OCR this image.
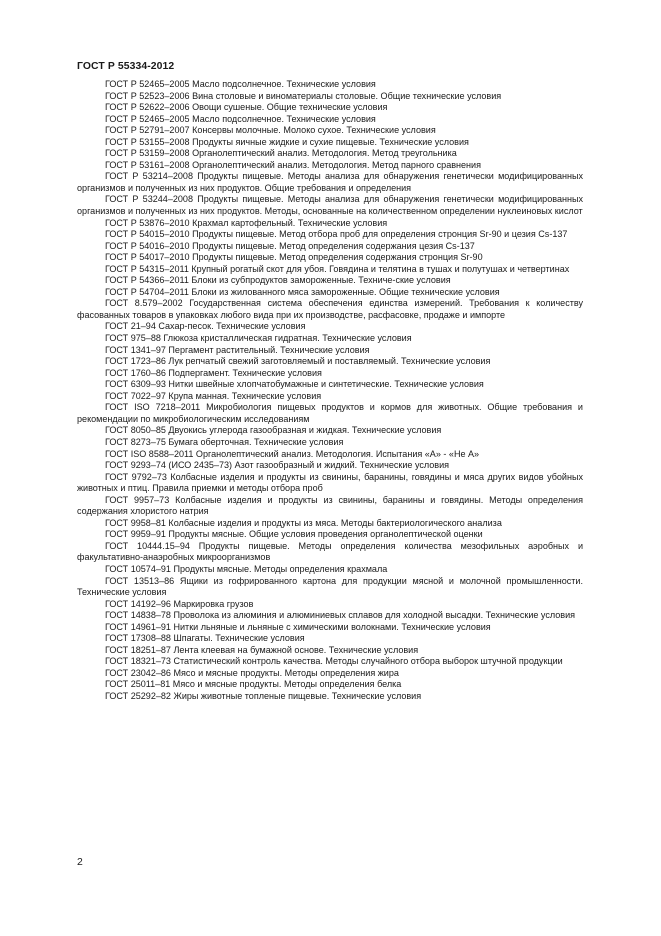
ГОСТ Р 55334-2012

ГОСТ Р 52465–2005 Масло подсолнечное. Технические условия

ГОСТ Р 52523–2006 Вина столовые и виноматериалы столовые. Общие технические условия

ГОСТ Р 52622–2006 Овощи сушеные. Общие технические условия

ГОСТ Р 52465–2005 Масло подсолнечное. Технические условия

ГОСТ Р 52791–2007 Консервы молочные. Молоко сухое. Технические условия

ГОСТ Р 53155–2008 Продукты яичные жидкие и сухие пищевые. Технические условия

ГОСТ Р 53159–2008 Органолептический анализ. Методология. Метод треугольника

ГОСТ Р 53161–2008 Органолептический анализ. Методология. Метод парного сравнения

ГОСТ Р 53214–2008 Продукты пищевые. Методы анализа для обнаружения генетически модифицированных организмов и полученных из них продуктов. Общие требования и определения

ГОСТ Р 53244–2008 Продукты пищевые. Методы анализа для обнаружения генетически модифицированных организмов и полученных из них продуктов. Методы, основанные на количественном определении нуклеиновых кислот

ГОСТ Р 53876–2010 Крахмал картофельный. Технические условия

ГОСТ Р 54015–2010 Продукты пищевые. Метод отбора проб для определения стронция Sr-90 и цезия Cs-137

ГОСТ Р 54016–2010 Продукты пищевые. Метод определения содержания цезия Cs-137

ГОСТ Р 54017–2010 Продукты пищевые. Метод определения содержания стронция Sr-90

ГОСТ Р 54315–2011 Крупный рогатый скот для убоя. Говядина и телятина в тушах и полутушах и четвертинах

ГОСТ Р 54366–2011 Блоки из субпродуктов замороженные. Техниче-ские условия

ГОСТ Р 54704–2011 Блоки из жилованного мяса замороженные. Общие технические условия

ГОСТ 8.579–2002 Государственная система обеспечения единства измерений. Требования к количеству фасованных товаров в упаковках любого вида при их производстве, расфасовке, продаже и импорте

ГОСТ 21–94 Сахар-песок. Технические условия

ГОСТ 975–88 Глюкоза кристаллическая гидратная. Технические условия

ГОСТ 1341–97 Пергамент растительный. Технические условия

ГОСТ 1723–86 Лук репчатый свежий заготовляемый и поставляемый. Технические условия

ГОСТ 1760–86 Подпергамент. Технические условия

ГОСТ 6309–93 Нитки швейные хлопчатобумажные и синтетические. Технические условия

ГОСТ 7022–97 Крупа манная. Технические условия

ГОСТ ISO 7218–2011 Микробиология пищевых продуктов и кормов для животных. Общие требования и рекомендации по микробиологическим исследованиям

ГОСТ 8050–85 Двуокись углерода газообразная и жидкая. Технические условия

ГОСТ 8273–75 Бумага оберточная. Технические условия

ГОСТ ISO 8588–2011 Органолептический анализ. Методология. Испытания «А» - «Не А»

ГОСТ 9293–74 (ИСО 2435–73) Азот газообразный и жидкий. Технические условия

ГОСТ 9792–73 Колбасные изделия и продукты из свинины, баранины, говядины и мяса других видов убойных животных и птиц. Правила приемки и методы отбора проб

ГОСТ 9957–73 Колбасные изделия и продукты из свинины, баранины и говядины. Методы определения содержания хлористого натрия

ГОСТ 9958–81 Колбасные изделия и продукты из мяса. Методы бактериологического анализа

ГОСТ 9959–91 Продукты мясные. Общие условия проведения органолептической оценки

ГОСТ 10444.15–94 Продукты пищевые. Методы определения количества мезофильных аэробных и факультативно-анаэробных микроорганизмов

ГОСТ 10574–91 Продукты мясные. Методы определения крахмала

ГОСТ 13513–86 Ящики из гофрированного картона для продукции мясной и молочной промышленности. Технические условия

ГОСТ 14192–96 Маркировка грузов

ГОСТ 14838–78 Проволока из алюминия и алюминиевых сплавов для холодной высадки. Технические условия

ГОСТ 14961–91 Нитки льняные и льняные с химическими волокнами. Технические условия

ГОСТ 17308–88 Шпагаты. Технические условия

ГОСТ 18251–87 Лента клеевая на бумажной основе. Технические условия

ГОСТ 18321–73 Статистический контроль качества. Методы случайного отбора выборок штучной продукции

ГОСТ 23042–86 Мясо и мясные продукты. Методы определения жира

ГОСТ 25011–81 Мясо и мясные продукты. Методы определения белка

ГОСТ 25292–82 Жиры животные топленые пищевые. Технические условия

2
